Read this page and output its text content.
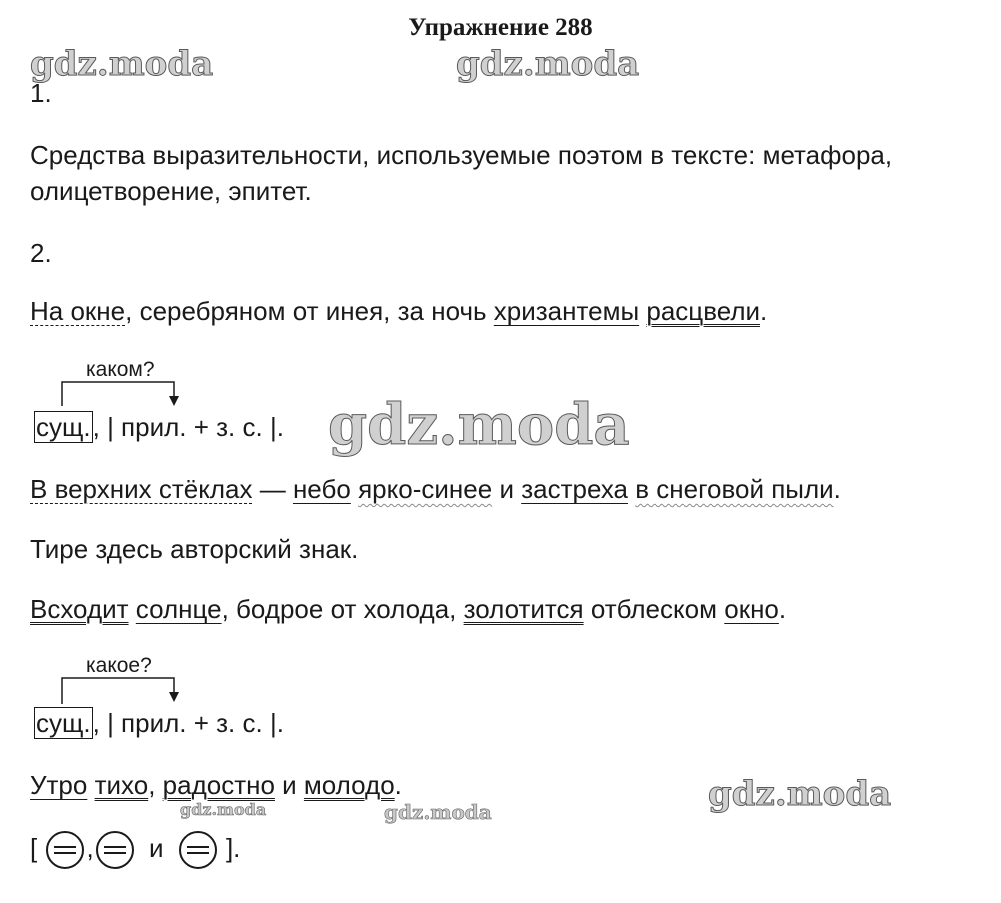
Упражнение 288
gdz.moda	gdz.moda
gdz.moda
gdz.moda
gdz.moda	gdz.moda
1.
Средства выразительности, используемые поэтом в тексте: метафора,
олицетворение, эпитет.
2.
На окне, серебряном от инея, за ночь хризантемы расцвели.
каком?
сущ., | прил. + з. с. |.
В верхних стёклах — небо ярко-синее и застреха в снеговой пыли.
Тире здесь авторский знак.
Всходит солнце, бодрое от холода, золотится отблеском окно.
какое?
сущ., | прил. + з. с. |.
Утро тихо, радостно и молодо.
[ , и ].
